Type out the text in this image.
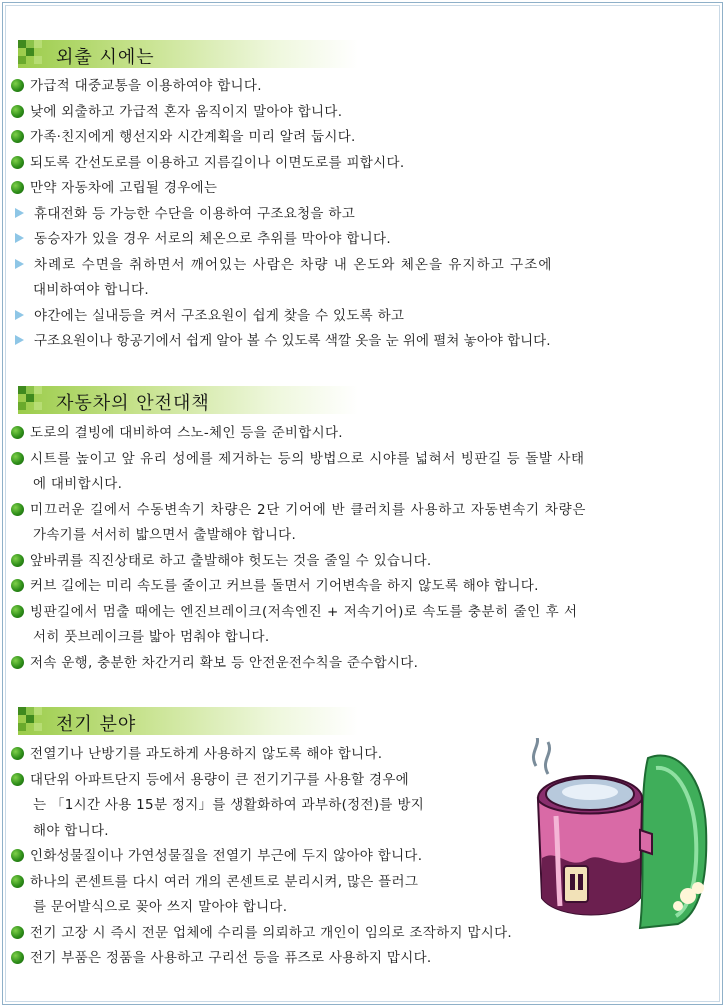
외출 시에는
가급적 대중교통을 이용하여야 합니다.
낮에 외출하고 가급적 혼자 움직이지 말아야 합니다.
가족·친지에게 행선지와 시간계획을 미리 알려 둡시다.
되도록 간선도로를 이용하고 지름길이나 이면도로를 피합시다.
만약 자동차에 고립될 경우에는
휴대전화 등 가능한 수단을 이용하여 구조요청을 하고
동승자가 있을 경우 서로의 체온으로 추위를 막아야 합니다.
차례로 수면을 취하면서 깨어있는 사람은 차량 내 온도와 체온을 유지하고 구조에
대비하여야 합니다.
야간에는 실내등을 켜서 구조요원이 쉽게 찾을 수 있도록 하고
구조요원이나 항공기에서 쉽게 알아 볼 수 있도록 색깔 옷을 눈 위에 펼쳐 놓아야 합니다.
자동차의 안전대책
도로의 결빙에 대비하여 스노-체인 등을 준비합시다.
시트를 높이고 앞 유리 성에를 제거하는 등의 방법으로 시야를 넓혀서 빙판길 등 돌발 사태
에 대비합시다.
미끄러운 길에서 수동변속기 차량은 2단 기어에 반 클러치를 사용하고 자동변속기 차량은
가속기를 서서히 밟으면서 출발해야 합니다.
앞바퀴를 직진상태로 하고 출발해야 헛도는 것을 줄일 수 있습니다.
커브 길에는 미리 속도를 줄이고 커브를 돌면서 기어변속을 하지 않도록 해야 합니다.
빙판길에서 멈출 때에는 엔진브레이크(저속엔진 + 저속기어)로 속도를 충분히 줄인 후 서
서히 풋브레이크를 밟아 멈춰야 합니다.
저속 운행, 충분한 차간거리 확보 등 안전운전수칙을 준수합시다.
전기 분야
전열기나 난방기를 과도하게 사용하지 않도록 해야 합니다.
대단위 아파트단지 등에서 용량이 큰 전기기구를 사용할 경우에
는 「1시간 사용 15분 정지」를 생활화하여 과부하(정전)를 방지
해야 합니다.
인화성물질이나 가연성물질을 전열기 부근에 두지 않아야 합니다.
하나의 콘센트를 다시 여러 개의 콘센트로 분리시켜, 많은 플러그
를 문어발식으로 꽂아 쓰지 말아야 합니다.
전기 고장 시 즉시 전문 업체에 수리를 의뢰하고 개인이 임의로 조작하지 맙시다.
전기 부품은 정품을 사용하고 구리선 등을 퓨즈로 사용하지 맙시다.
